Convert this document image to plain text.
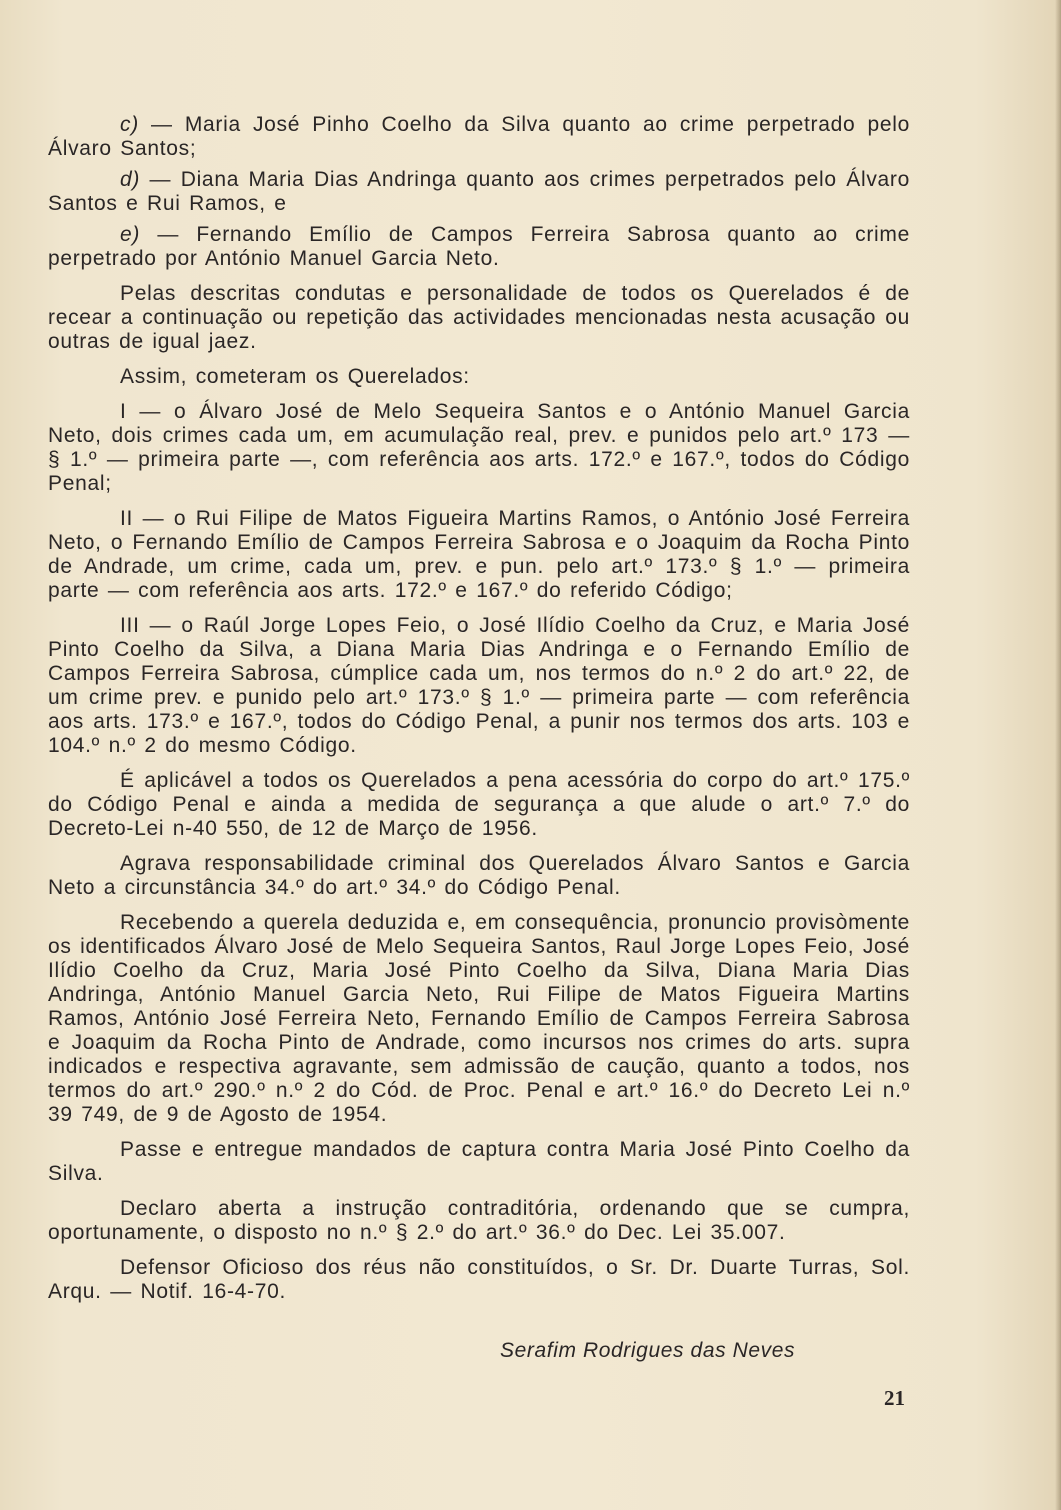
c) — Maria José Pinho Coelho da Silva quanto ao crime perpetrado pelo Álvaro Santos;

d) — Diana Maria Dias Andringa quanto aos crimes perpetrados pelo Álvaro Santos e Rui Ramos, e

e) — Fernando Emílio de Campos Ferreira Sabrosa quanto ao crime perpetrado por António Manuel Garcia Neto.

Pelas descritas condutas e personalidade de todos os Querelados é de recear a continuação ou repetição das actividades mencionadas nesta acusação ou outras de igual jaez.

Assim, cometeram os Querelados:

I — o Álvaro José de Melo Sequeira Santos e o António Manuel Garcia Neto, dois crimes cada um, em acumulação real, prev. e punidos pelo art.º 173 — § 1.º — primeira parte —, com referência aos arts. 172.º e 167.º, todos do Código Penal;

II — o Rui Filipe de Matos Figueira Martins Ramos, o António José Ferreira Neto, o Fernando Emílio de Campos Ferreira Sabrosa e o Joaquim da Rocha Pinto de Andrade, um crime, cada um, prev. e pun. pelo art.º 173.º § 1.º — primeira parte — com referência aos arts. 172.º e 167.º do referido Código;

III — o Raúl Jorge Lopes Feio, o José Ilídio Coelho da Cruz, e Maria José Pinto Coelho da Silva, a Diana Maria Dias Andringa e o Fernando Emílio de Campos Ferreira Sabrosa, cúmplice cada um, nos termos do n.º 2 do art.º 22, de um crime prev. e punido pelo art.º 173.º § 1.º — primeira parte — com referência aos arts. 173.º e 167.º, todos do Código Penal, a punir nos termos dos arts. 103 e 104.º n.º 2 do mesmo Código.

É aplicável a todos os Querelados a pena acessória do corpo do art.º 175.º do Código Penal e ainda a medida de segurança a que alude o art.º 7.º do Decreto-Lei n-40 550, de 12 de Março de 1956.

Agrava responsabilidade criminal dos Querelados Álvaro Santos e Garcia Neto a circunstância 34.º do art.º 34.º do Código Penal.

Recebendo a querela deduzida e, em consequência, pronuncio provisòmente os identificados Álvaro José de Melo Sequeira Santos, Raul Jorge Lopes Feio, José Ilídio Coelho da Cruz, Maria José Pinto Coelho da Silva, Diana Maria Dias Andringa, António Manuel Garcia Neto, Rui Filipe de Matos Figueira Martins Ramos, António José Ferreira Neto, Fernando Emílio de Campos Ferreira Sabrosa e Joaquim da Rocha Pinto de Andrade, como incursos nos crimes do arts. supra indicados e respectiva agravante, sem admissão de caução, quanto a todos, nos termos do art.º 290.º n.º 2 do Cód. de Proc. Penal e art.º 16.º do Decreto Lei n.º 39 749, de 9 de Agosto de 1954.

Passe e entregue mandados de captura contra Maria José Pinto Coelho da Silva.

Declaro aberta a instrução contraditória, ordenando que se cumpra, oportunamente, o disposto no n.º § 2.º do art.º 36.º do Dec. Lei 35.007.

Defensor Oficioso dos réus não constituídos, o Sr. Dr. Duarte Turras, Sol. Arqu. — Notif. 16-4-70.

Serafim Rodrigues das Neves
21
